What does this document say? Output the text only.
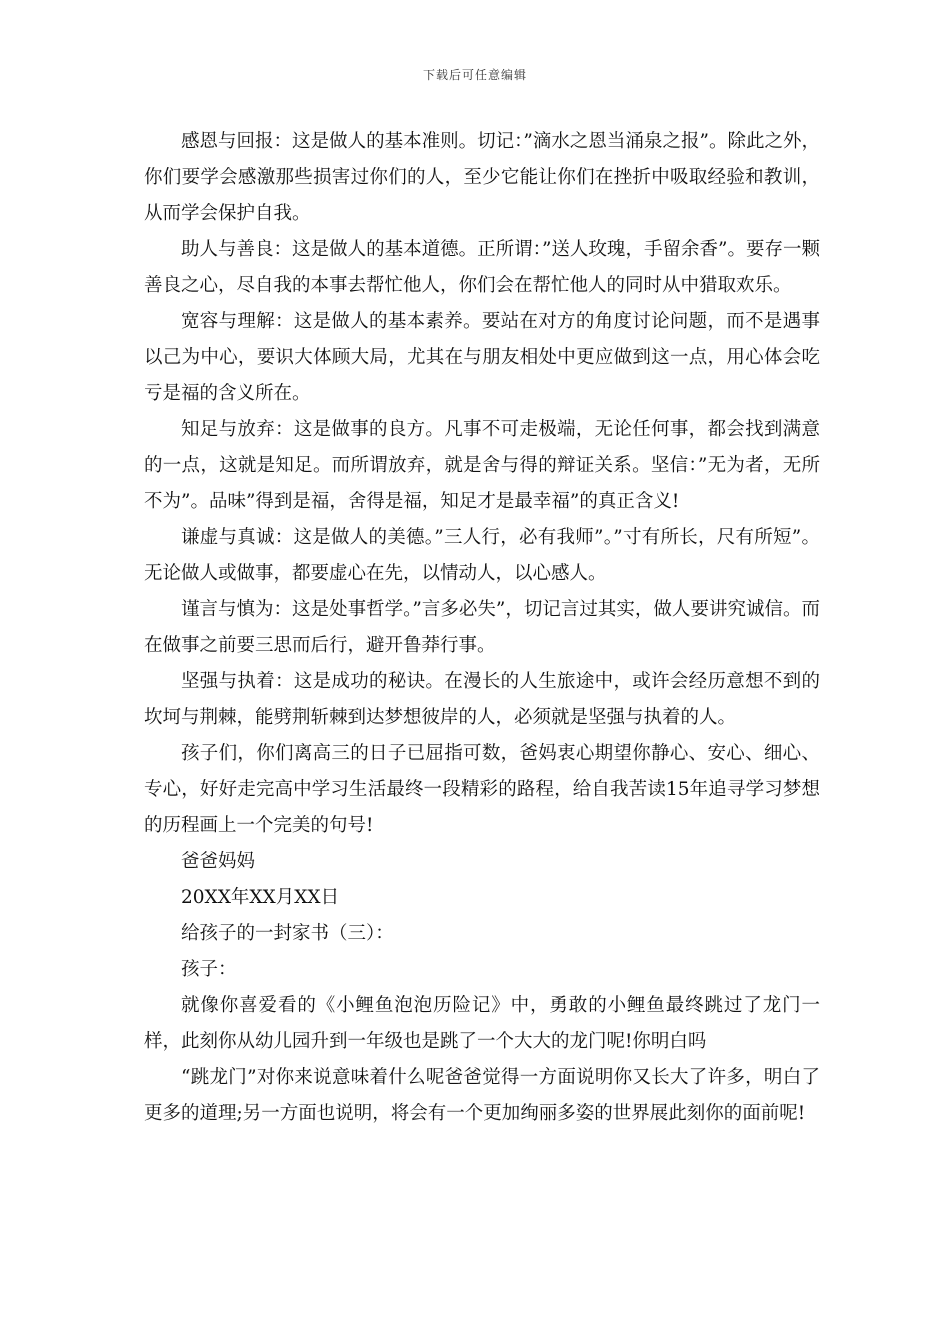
下载后可任意编辑

感恩与回报：这是做人的基本准则。切记：”滴水之恩当涌泉之报”。除此之外，你们要学会感激那些损害过你们的人，至少它能让你们在挫折中吸取经验和教训，从而学会保护自我。

助人与善良：这是做人的基本道德。正所谓：”送人玫瑰，手留余香”。要存一颗善良之心，尽自我的本事去帮忙他人，你们会在帮忙他人的同时从中猎取欢乐。

宽容与理解：这是做人的基本素养。要站在对方的角度讨论问题，而不是遇事以己为中心，要识大体顾大局，尤其在与朋友相处中更应做到这一点，用心体会吃亏是福的含义所在。

知足与放弃：这是做事的良方。凡事不可走极端，无论任何事，都会找到满意的一点，这就是知足。而所谓放弃，就是舍与得的辩证关系。坚信：”无为者，无所不为”。品味”得到是福，舍得是福，知足才是最幸福”的真正含义!

谦虚与真诚：这是做人的美德。”三人行，必有我师”。”寸有所长，尺有所短”。无论做人或做事，都要虚心在先，以情动人，以心感人。

谨言与慎为：这是处事哲学。”言多必失”，切记言过其实，做人要讲究诚信。而在做事之前要三思而后行，避开鲁莽行事。

坚强与执着：这是成功的秘诀。在漫长的人生旅途中，或许会经历意想不到的坎坷与荆棘，能劈荆斩棘到达梦想彼岸的人，必须就是坚强与执着的人。

孩子们，你们离高三的日子已屈指可数，爸妈衷心期望你静心、安心、细心、专心，好好走完高中学习生活最终一段精彩的路程，给自我苦读15年追寻学习梦想的历程画上一个完美的句号!

爸爸妈妈

20XX年XX月XX日

给孩子的一封家书（三）：

孩子：

就像你喜爱看的《小鲤鱼泡泡历险记》中，勇敢的小鲤鱼最终跳过了龙门一样，此刻你从幼儿园升到一年级也是跳了一个大大的龙门呢!你明白吗

“跳龙门”对你来说意味着什么呢爸爸觉得一方面说明你又长大了许多，明白了更多的道理;另一方面也说明，将会有一个更加绚丽多姿的世界展此刻你的面前呢!
